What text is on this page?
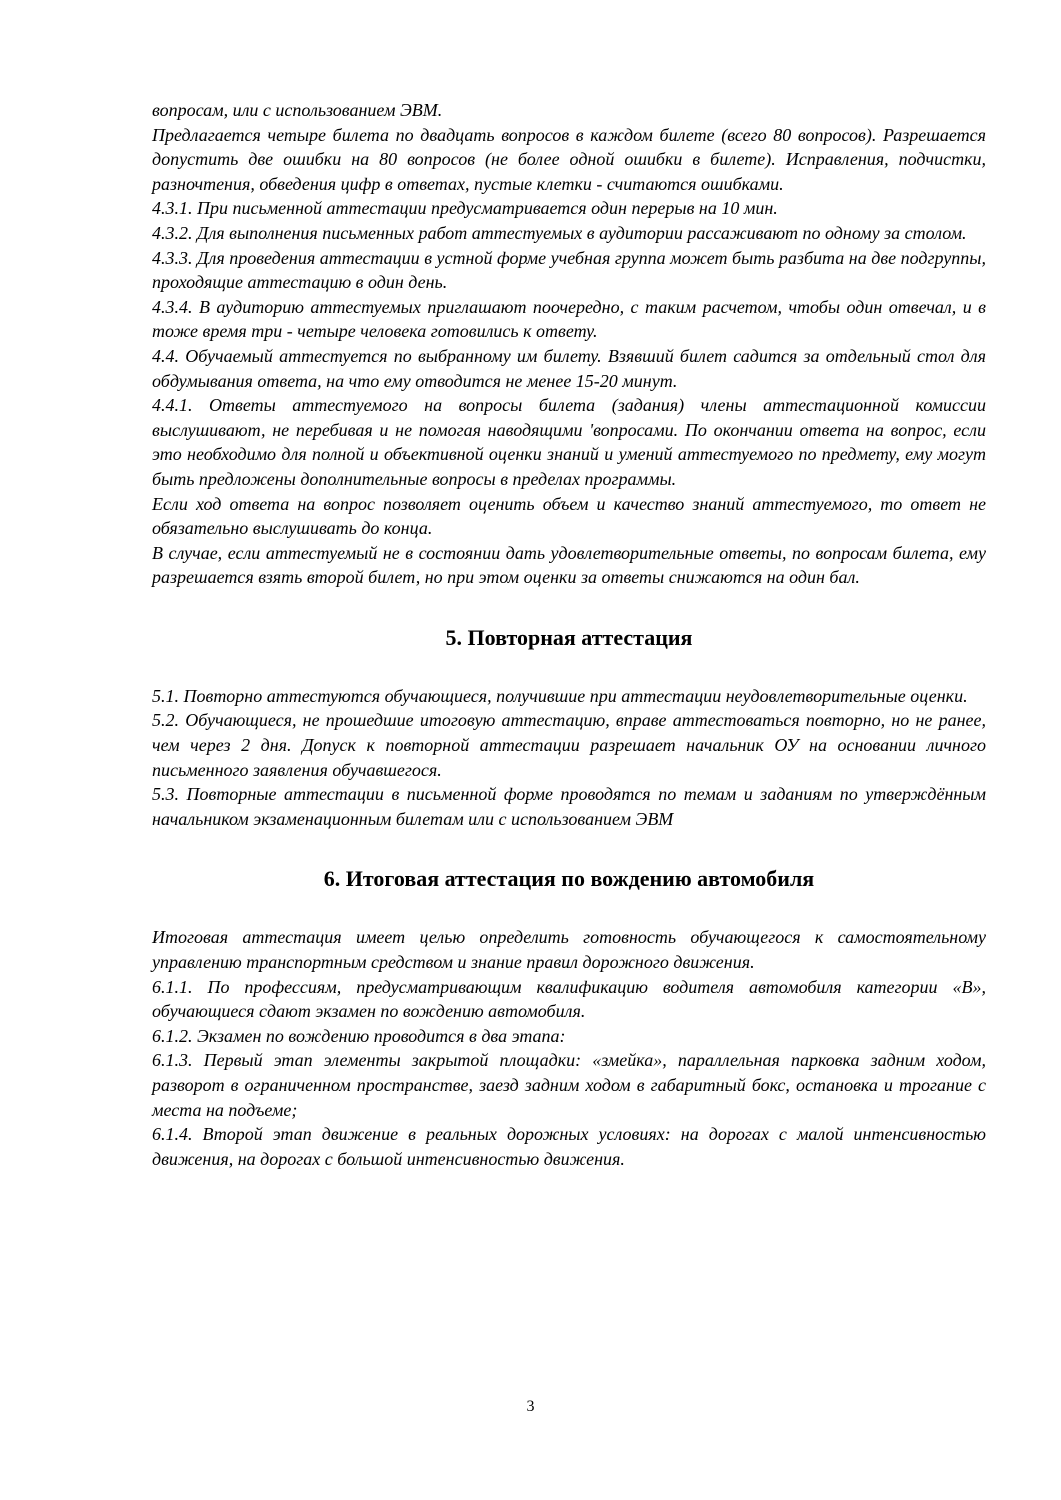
вопросам, или с использованием ЭВМ.

Предлагается четыре билета по двадцать вопросов в каждом билете (всего 80 вопросов). Разрешается допустить две ошибки на 80 вопросов (не более одной ошибки в билете). Исправления, подчистки, разночтения, обведения цифр в ответах, пустые клетки - считаются ошибками.

4.3.1. При письменной аттестации предусматривается один перерыв на 10 мин.

4.3.2. Для выполнения письменных работ аттестуемых в аудитории рассаживают по одному за столом.

4.3.3. Для проведения аттестации в устной форме учебная группа может быть разбита на две подгруппы, проходящие аттестацию в один день.

4.3.4. В аудиторию аттестуемых приглашают поочередно, с таким расчетом, чтобы один отвечал, и в тоже время три - четыре человека готовились к ответу.

4.4. Обучаемый аттестуется по выбранному им билету. Взявший билет садится за отдельный стол для обдумывания ответа, на что ему отводится не менее 15-20 минут.

4.4.1. Ответы аттестуемого на вопросы билета (задания) члены аттестационной комиссии выслушивают, не перебивая и не помогая наводящими 'вопросами. По окончании ответа на вопрос, если это необходимо для полной и объективной оценки знаний и умений аттестуемого по предмету, ему могут быть предложены дополнительные вопросы в пределах программы.

Если ход ответа на вопрос позволяет оценить объем и качество знаний аттестуемого, то ответ не обязательно выслушивать до конца.

В случае, если аттестуемый не в состоянии дать удовлетворительные ответы, по вопросам билета, ему разрешается взять второй билет, но при этом оценки за ответы снижаются на один бал.

5. Повторная аттестация

5.1. Повторно аттестуются обучающиеся, получившие при аттестации неудовлетворительные оценки.

5.2. Обучающиеся, не прошедшие итоговую аттестацию, вправе аттестоваться повторно, но не ранее, чем через 2 дня. Допуск к повторной аттестации разрешает начальник ОУ на основании личного письменного заявления обучавшегося.

5.3. Повторные аттестации в письменной форме проводятся по темам и заданиям по утверждённым начальником экзаменационным билетам или с использованием ЭВМ

6. Итоговая аттестация по вождению автомобиля

Итоговая аттестация имеет целью определить готовность обучающегося к самостоятельному управлению транспортным средством и знание правил дорожного движения.

6.1.1. По профессиям, предусматривающим квалификацию водителя автомобиля категории «В», обучающиеся сдают экзамен по вождению автомобиля.

6.1.2. Экзамен по вождению проводится в два этапа:

6.1.3. Первый этап элементы закрытой площадки: «змейка», параллельная парковка задним ходом, разворот в ограниченном пространстве, заезд задним ходом в габаритный бокс, остановка и трогание с места на подъеме;

6.1.4. Второй этап движение в реальных дорожных условиях: на дорогах с малой интенсивностью движения, на дорогах с большой интенсивностью движения.

3
